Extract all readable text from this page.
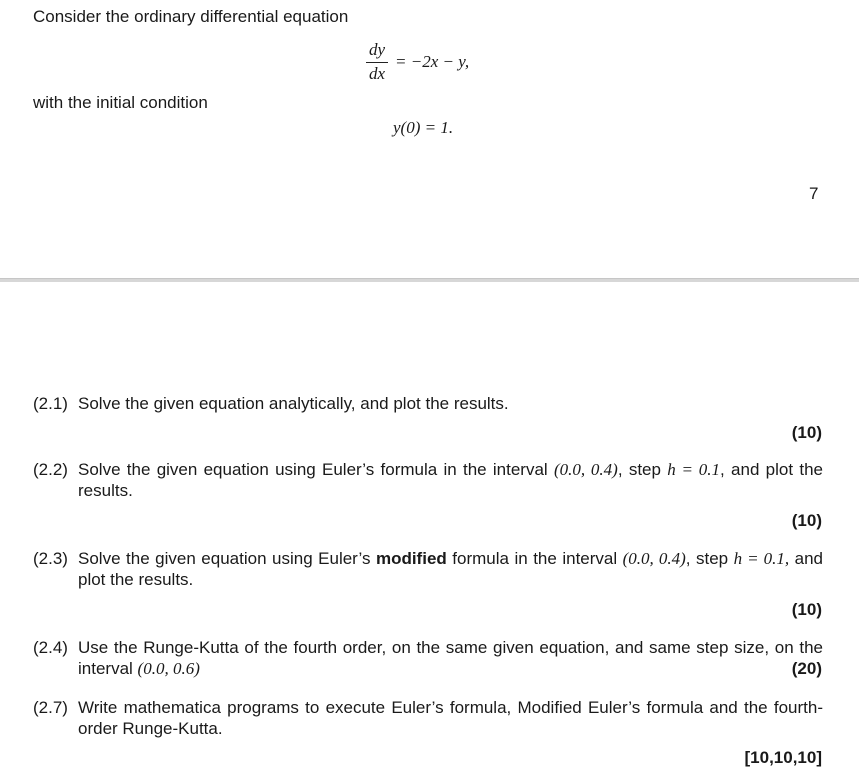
Consider the ordinary differential equation
dy
dx
= −2x − y,
with the initial condition
y(0) = 1.
7
(2.1) Solve the given equation analytically, and plot the results.
(10)
(2.2) Solve the given equation using Euler’s formula in the interval (0.0, 0.4), step h = 0.1, and plot the results.
(10)
(2.3) Solve the given equation using Euler’s modified formula in the interval (0.0, 0.4), step h = 0.1, and plot the results.
(10)
(2.4) Use the Runge-Kutta of the fourth order, on the same given equation, and same step size, on the interval (0.0, 0.6)	(20)
(2.7) Write mathematica programs to execute Euler’s formula, Modified Euler’s formula and the fourth-order Runge-Kutta.
[10,10,10]
